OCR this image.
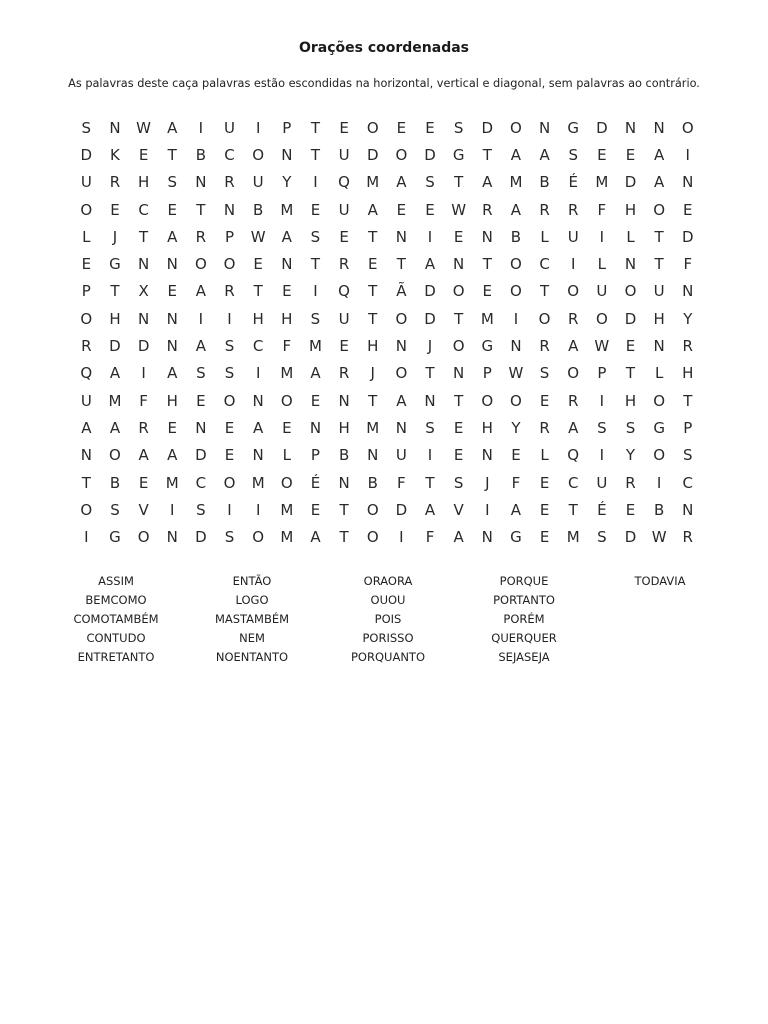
Orações coordenadas
As palavras deste caça palavras estão escondidas na horizontal, vertical e diagonal, sem palavras ao contrário.
S	N	W	A	I	U	I	P	T	E	O	E	E	S	D	O	N	G	D	N	N	O
D	K	E	T	B	C	O	N	T	U	D	O	D	G	T	A	A	S	E	E	A	I
U	R	H	S	N	R	U	Y	I	Q	M	A	S	T	A	M	B	É	M	D	A	N
O	E	C	E	T	N	B	M	E	U	A	E	E	W	R	A	R	R	F	H	O	E
L	J	T	A	R	P	W	A	S	E	T	N	I	E	N	B	L	U	I	L	T	D
E	G	N	N	O	O	E	N	T	R	E	T	A	N	T	O	C	I	L	N	T	F
P	T	X	E	A	R	T	E	I	Q	T	Ã	D	O	E	O	T	O	U	O	U	N
O	H	N	N	I	I	H	H	S	U	T	O	D	T	M	I	O	R	O	D	H	Y
R	D	D	N	A	S	C	F	M	E	H	N	J	O	G	N	R	A	W	E	N	R
Q	A	I	A	S	S	I	M	A	R	J	O	T	N	P	W	S	O	P	T	L	H
U	M	F	H	E	O	N	O	E	N	T	A	N	T	O	O	E	R	I	H	O	T
A	A	R	E	N	E	A	E	N	H	M	N	S	E	H	Y	R	A	S	S	G	P
N	O	A	A	D	E	N	L	P	B	N	U	I	E	N	E	L	Q	I	Y	O	S
T	B	E	M	C	O	M	O	É	N	B	F	T	S	J	F	E	C	U	R	I	C
O	S	V	I	S	I	I	M	E	T	O	D	A	V	I	A	E	T	É	E	B	N
I	G	O	N	D	S	O	M	A	T	O	I	F	A	N	G	E	M	S	D	W	R
ASSIM
BEMCOMO
COMOTAMBÉM
CONTUDO
ENTRETANTO
ENTÃO
LOGO
MASTAMBÉM
NEM
NOENTANTO
ORAORA
OUOU
POIS
PORISSO
PORQUANTO
PORQUE
PORTANTO
PORÉM
QUERQUER
SEJASEJA
TODAVIA
